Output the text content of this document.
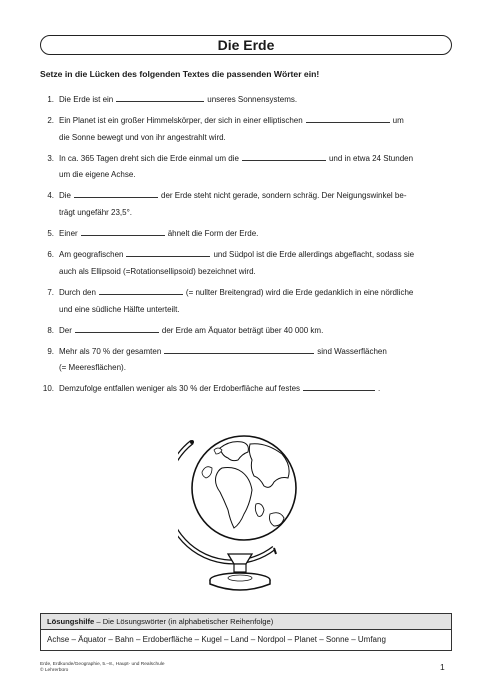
Die Erde
Setze in die Lücken des folgenden Textes die passenden Wörter ein!
1. Die Erde ist ein	unseres Sonnensystems.
2. Ein Planet ist ein großer Himmelskörper, der sich in einer elliptischen	um
die Sonne bewegt und von ihr angestrahlt wird.
3. In ca. 365 Tagen dreht sich die Erde einmal um die	und in etwa 24 Stunden
um die eigene Achse.
4. Die	der Erde steht nicht gerade, sondern schräg. Der Neigungswinkel be-
trägt ungefähr 23,5°.
5. Einer	ähnelt die Form der Erde.
6. Am geografischen	und Südpol ist die Erde allerdings abgeflacht, sodass sie
auch als Ellipsoid (=Rotationsellipsoid) bezeichnet wird.
7. Durch den	(= nullter Breitengrad) wird die Erde gedanklich in eine nördliche
und eine südliche Hälfte unterteilt.
8. Der	der Erde am Äquator beträgt über 40 000 km.
9. Mehr als 70 % der gesamten	sind Wasserflächen
(= Meeresflächen).
10. Demzufolge entfallen weniger als 30 % der Erdoberfläche auf festes	.
Lösungshilfe – Die Lösungswörter (in alphabetischer Reihenfolge)
Achse – Äquator – Bahn – Erdoberfläche – Kugel – Land – Nordpol – Planet – Sonne – Umfang
Erde, Erdkunde/Geographie, 5.–8., Haupt- und Realschule
© Lehrerbüro	1
